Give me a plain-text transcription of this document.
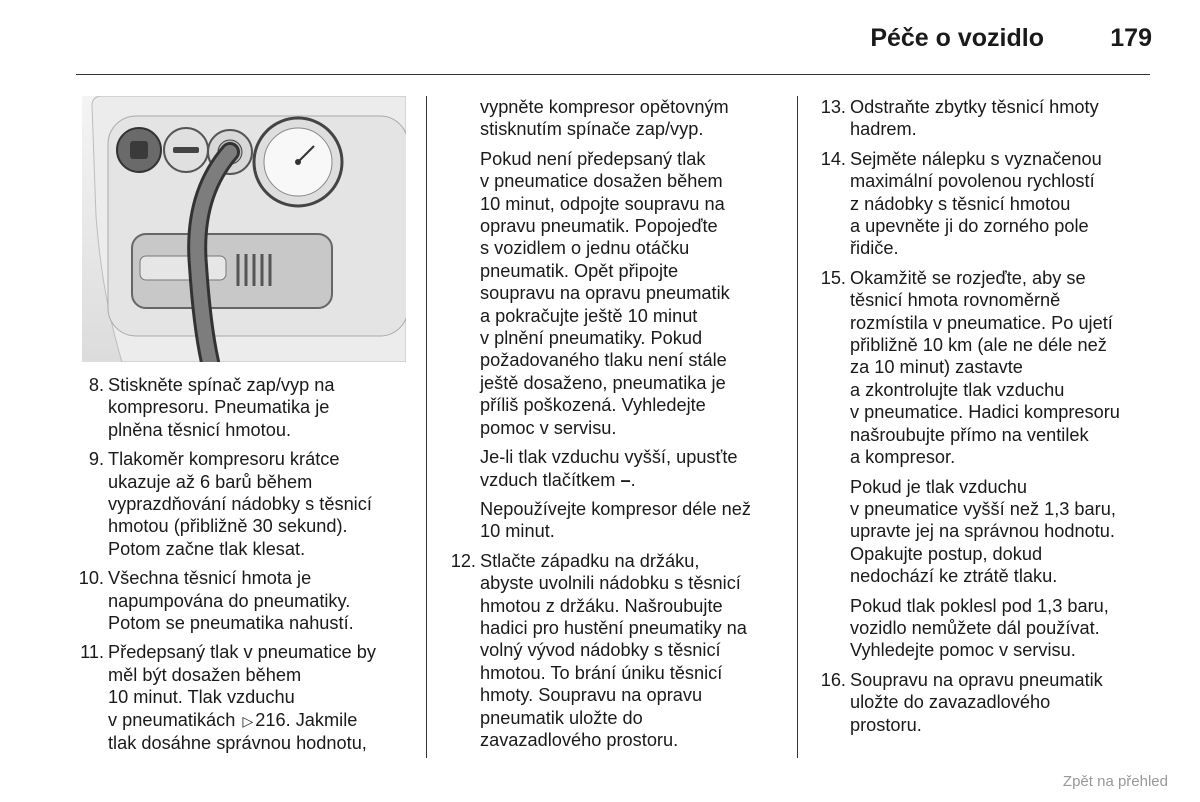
Péče o vozidlo	179
8. Stiskněte spínač zap/vyp na
kompresoru. Pneumatika je
plněna těsnicí hmotou.

9. Tlakoměr kompresoru krátce
ukazuje až 6 barů během
vyprazdňování nádobky s těsnicí
hmotou (přibližně 30 sekund).
Potom začne tlak klesat.

10. Všechna těsnicí hmota je
napumpována do pneumatiky.
Potom se pneumatika nahustí.

11. Předepsaný tlak v pneumatice by
měl být dosažen během
10 minut. Tlak vzduchu
v pneumatikách ▷ 216. Jakmile
tlak dosáhne správnou hodnotu,

vypněte kompresor opětovným
stisknutím spínače zap/vyp.

Pokud není předepsaný tlak
v pneumatice dosažen během
10 minut, odpojte soupravu na
opravu pneumatik. Popojeďte
s vozidlem o jednu otáčku
pneumatik. Opět připojte
soupravu na opravu pneumatik
a pokračujte ještě 10 minut
v plnění pneumatiky. Pokud
požadovaného tlaku není stále
ještě dosaženo, pneumatika je
příliš poškozená. Vyhledejte
pomoc v servisu.

Je-li tlak vzduchu vyšší, upusťte
vzduch tlačítkem –.

Nepoužívejte kompresor déle než
10 minut.

12. Stlačte západku na držáku,
abyste uvolnili nádobku s těsnicí
hmotou z držáku. Našroubujte
hadici pro hustění pneumatiky na
volný vývod nádobky s těsnicí
hmotou. To brání úniku těsnicí
hmoty. Soupravu na opravu
pneumatik uložte do
zavazadlového prostoru.

13. Odstraňte zbytky těsnicí hmoty
hadrem.

14. Sejměte nálepku s vyznačenou
maximální povolenou rychlostí
z nádobky s těsnicí hmotou
a upevněte ji do zorného pole
řidiče.

15. Okamžitě se rozjeďte, aby se
těsnicí hmota rovnoměrně
rozmístila v pneumatice. Po ujetí
přibližně 10 km (ale ne déle než
za 10 minut) zastavte
a zkontrolujte tlak vzduchu
v pneumatice. Hadici kompresoru
našroubujte přímo na ventilek
a kompresor.

Pokud je tlak vzduchu
v pneumatice vyšší než 1,3 baru,
upravte jej na správnou hodnotu.
Opakujte postup, dokud
nedochází ke ztrátě tlaku.

Pokud tlak poklesl pod 1,3 baru,
vozidlo nemůžete dál používat.
Vyhledejte pomoc v servisu.

16. Soupravu na opravu pneumatik
uložte do zavazadlového
prostoru.

Zpět na přehled
